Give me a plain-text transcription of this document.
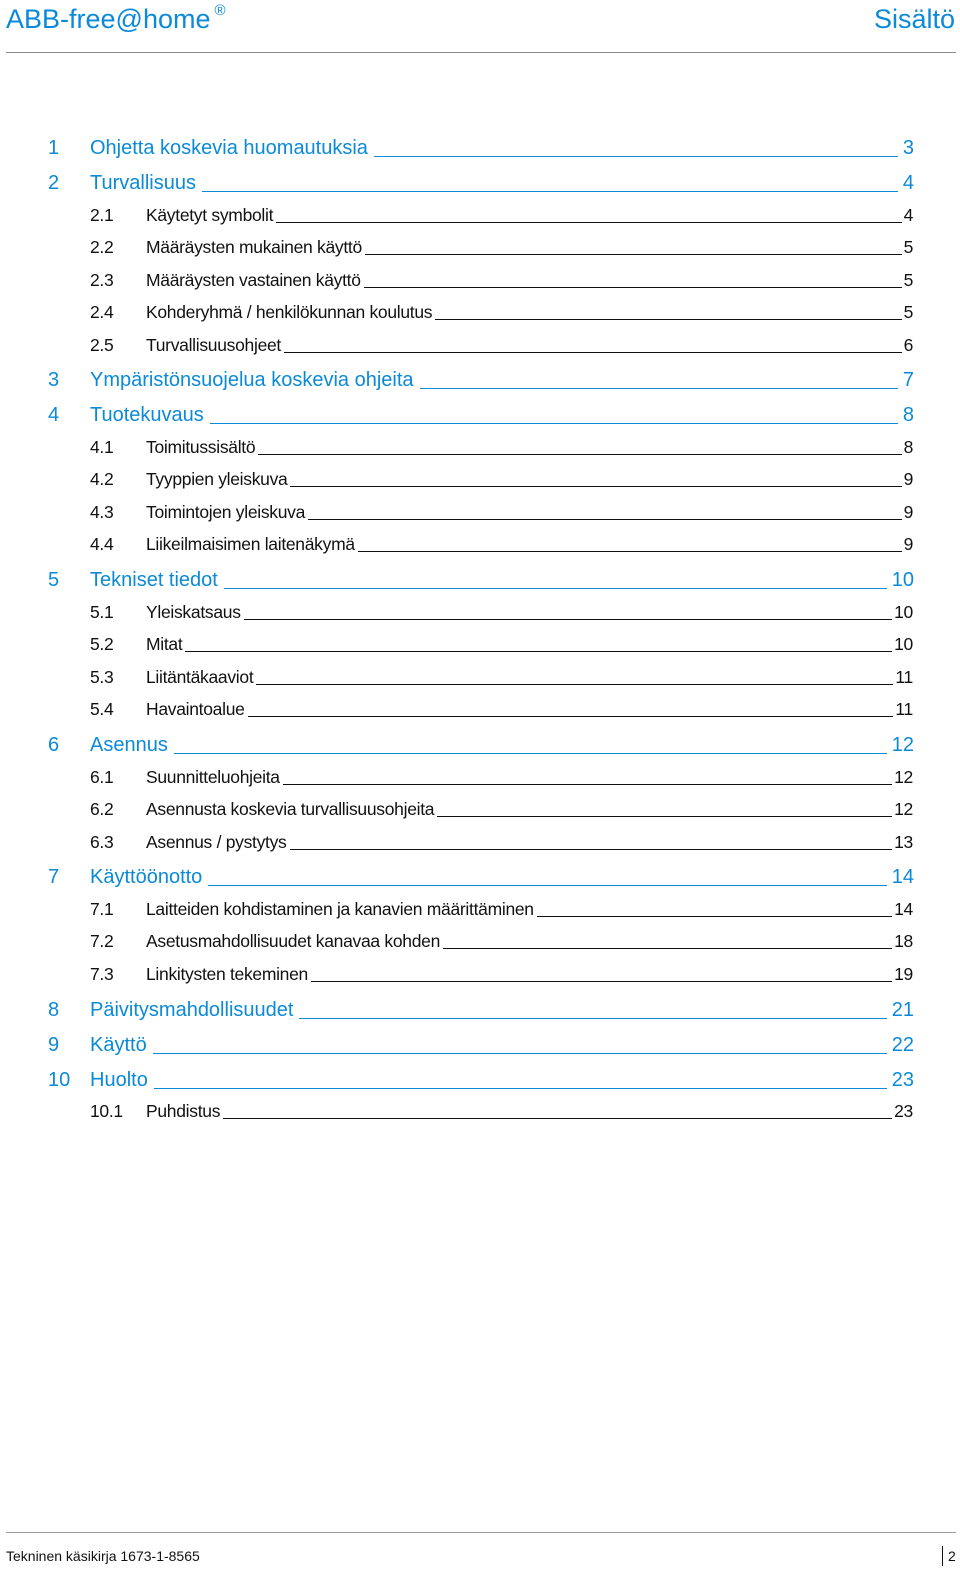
ABB-free@home ®	Sisältö
1	Ohjetta koskevia huomautuksia	3
2	Turvallisuus	4
2.1	Käytetyt symbolit	4
2.2	Määräysten mukainen käyttö	5
2.3	Määräysten vastainen käyttö	5
2.4	Kohderyhmä / henkilökunnan koulutus	5
2.5	Turvallisuusohjeet	6
3	Ympäristönsuojelua koskevia ohjeita	7
4	Tuotekuvaus	8
4.1	Toimitussisältö	8
4.2	Tyyppien yleiskuva	9
4.3	Toimintojen yleiskuva	9
4.4	Liikeilmaisimen laitenäkymä	9
5	Tekniset tiedot	10
5.1	Yleiskatsaus	10
5.2	Mitat	10
5.3	Liitäntäkaaviot	11
5.4	Havaintoalue	11
6	Asennus	12
6.1	Suunnitteluohjeita	12
6.2	Asennusta koskevia turvallisuusohjeita	12
6.3	Asennus / pystytys	13
7	Käyttöönotto	14
7.1	Laitteiden kohdistaminen ja kanavien määrittäminen	14
7.2	Asetusmahdollisuudet kanavaa kohden	18
7.3	Linkitysten tekeminen	19
8	Päivitysmahdollisuudet	21
9	Käyttö	22
10 Huolto	23
10.1	Puhdistus	23
Tekninen käsikirja 1673-1-8565	2
